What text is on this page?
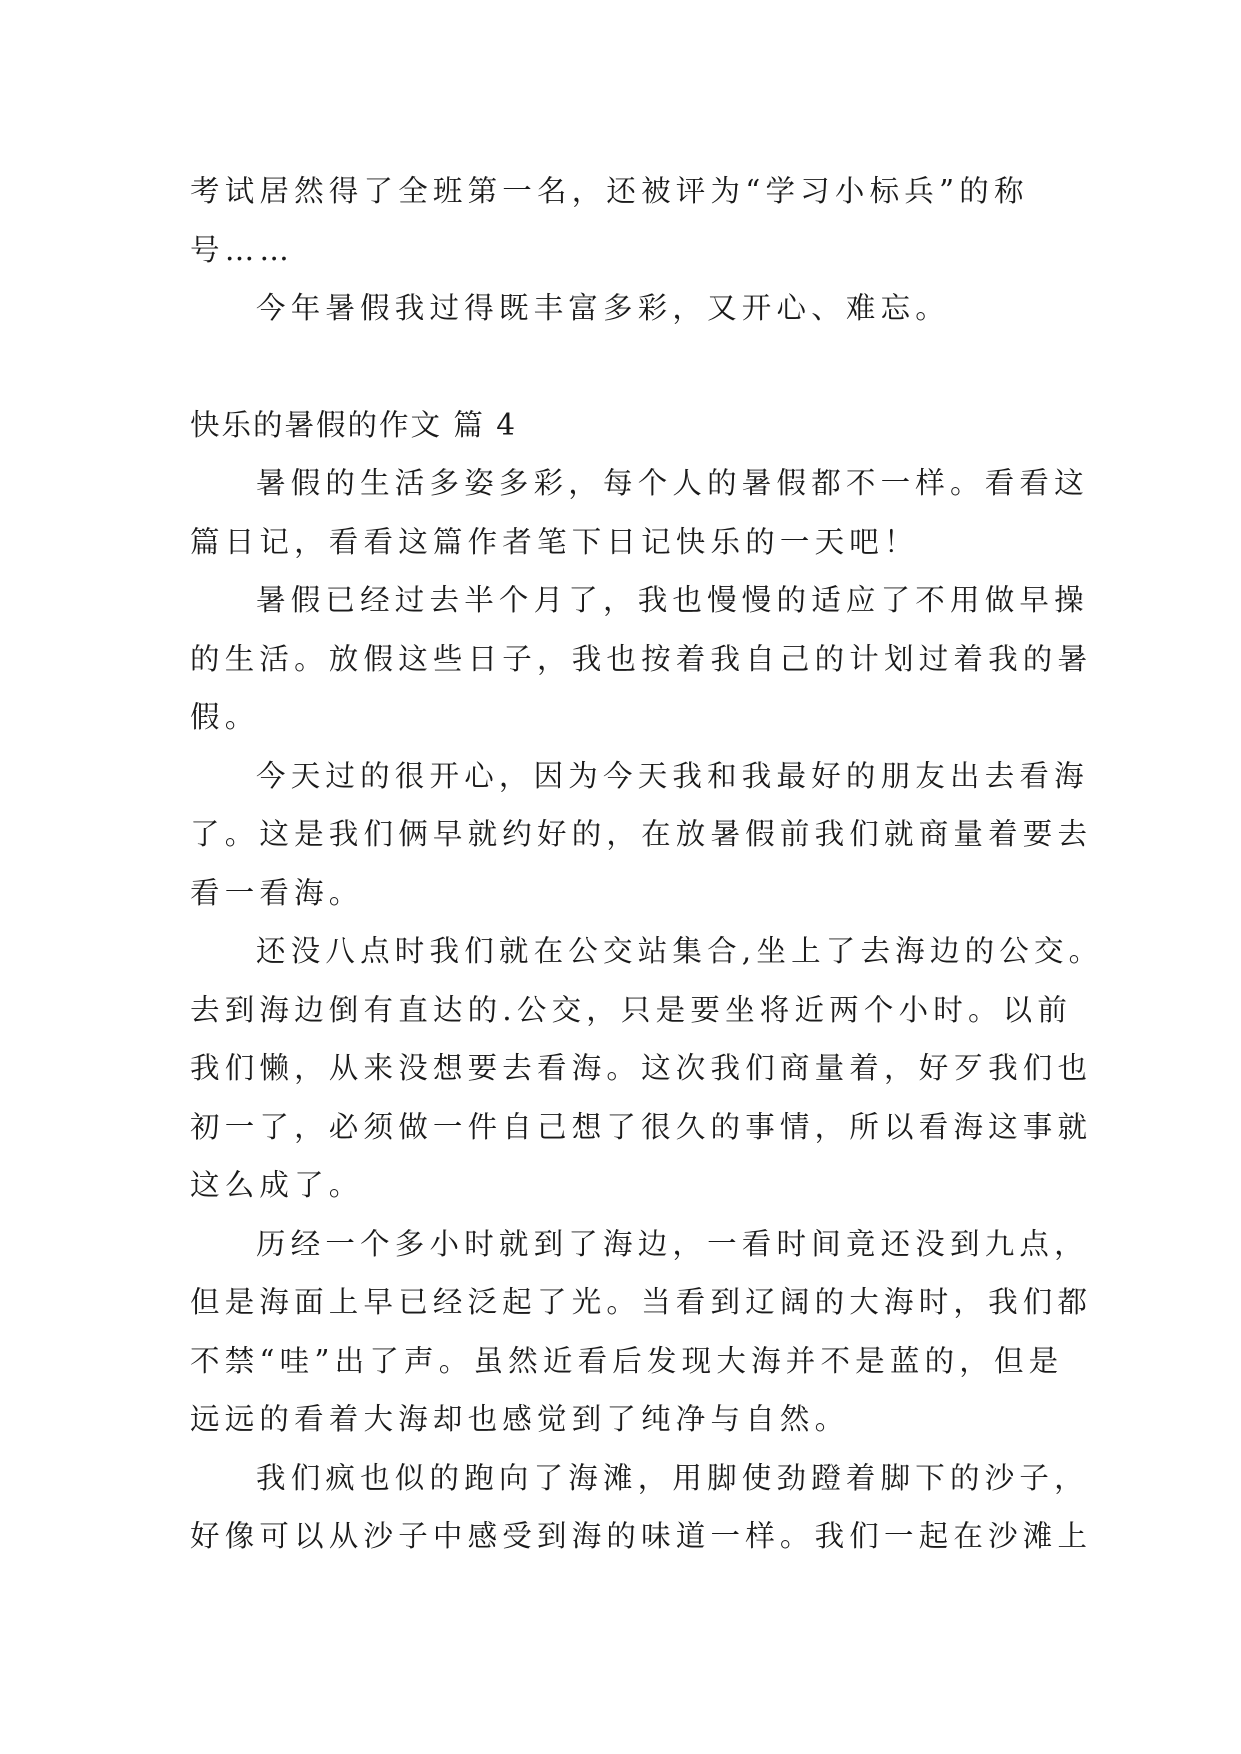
考试居然得了全班第一名，还被评为“学习小标兵”的称
号……
今年暑假我过得既丰富多彩，又开心、难忘。
快乐的暑假的作文 篇 4
暑假的生活多姿多彩，每个人的暑假都不一样。看看这
篇日记，看看这篇作者笔下日记快乐的一天吧！
暑假已经过去半个月了，我也慢慢的适应了不用做早操
的生活。放假这些日子，我也按着我自己的计划过着我的暑
假。
今天过的很开心，因为今天我和我最好的朋友出去看海
了。这是我们俩早就约好的，在放暑假前我们就商量着要去
看一看海。
还没八点时我们就在公交站集合,坐上了去海边的公交。
去到海边倒有直达的.公交，只是要坐将近两个小时。以前
我们懒，从来没想要去看海。这次我们商量着，好歹我们也
初一了，必须做一件自己想了很久的事情，所以看海这事就
这么成了。
历经一个多小时就到了海边，一看时间竟还没到九点，
但是海面上早已经泛起了光。当看到辽阔的大海时，我们都
不禁“哇”出了声。虽然近看后发现大海并不是蓝的，但是
远远的看着大海却也感觉到了纯净与自然。
我们疯也似的跑向了海滩，用脚使劲蹬着脚下的沙子，
好像可以从沙子中感受到海的味道一样。我们一起在沙滩上
